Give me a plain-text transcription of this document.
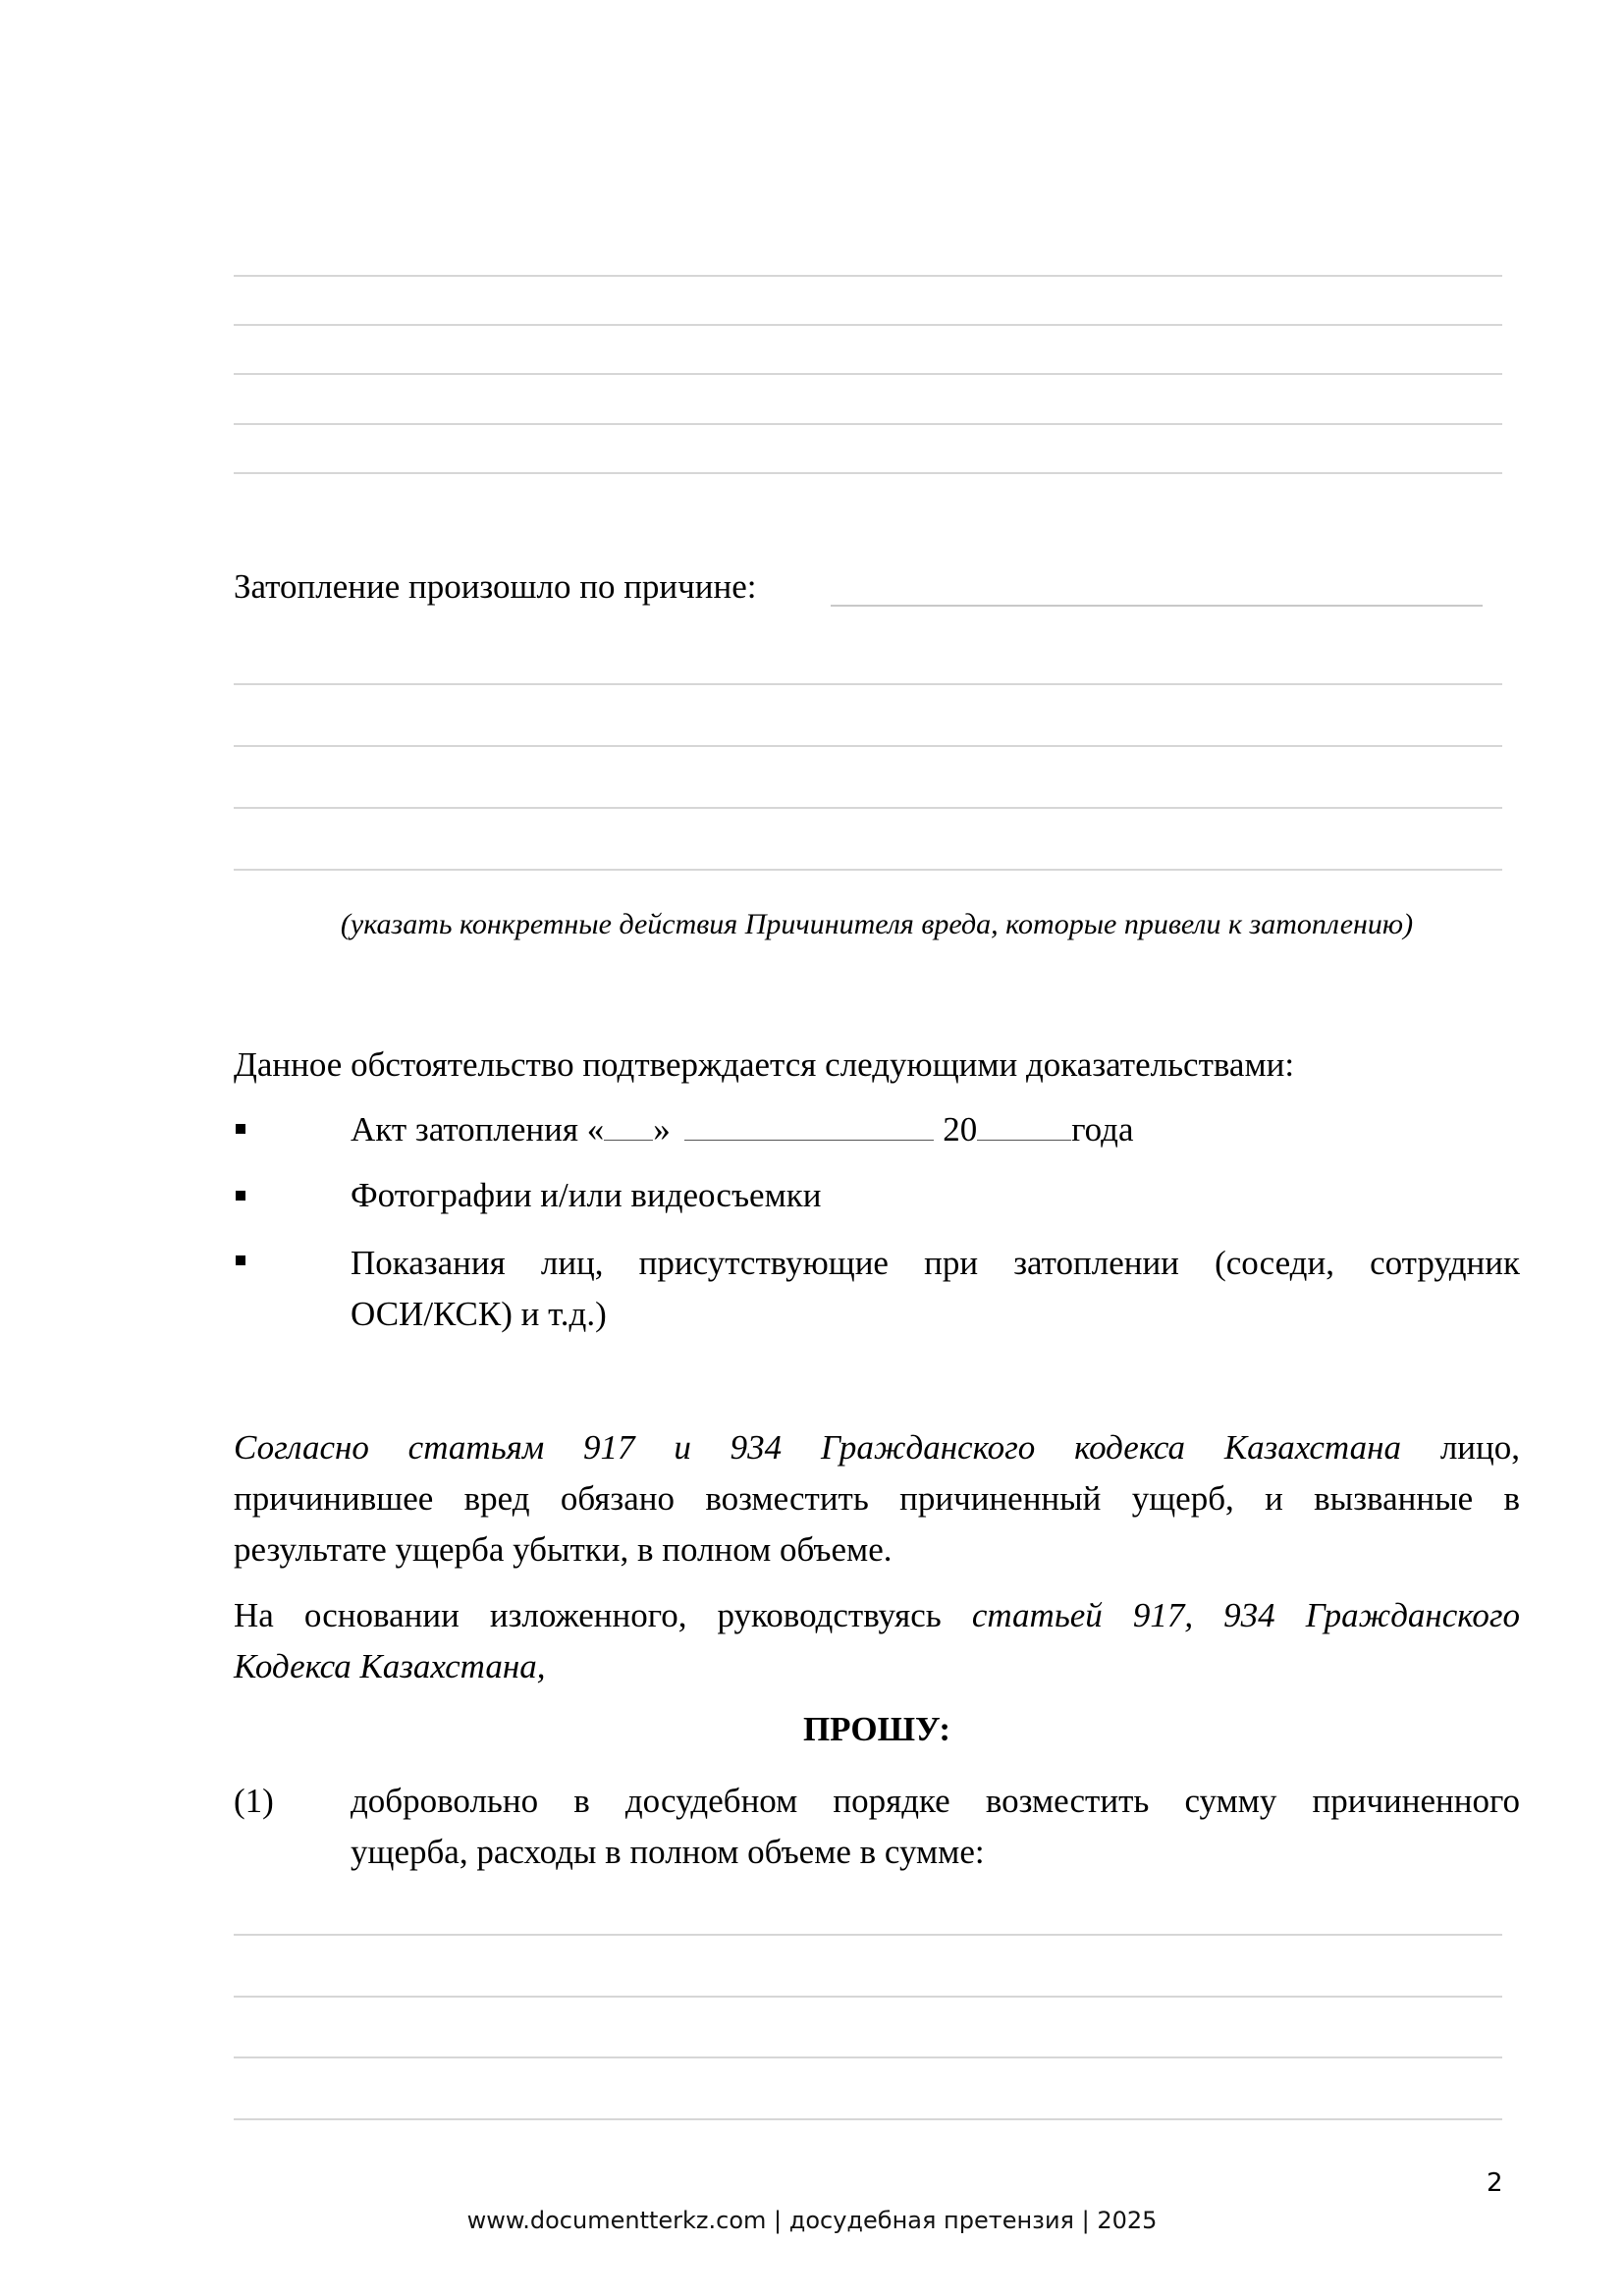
Затопление произошло по причине:
(указать конкретные действия Причинителя вреда, которые привели к затоплению)
Данное обстоятельство подтверждается следующими доказательствами:
Акт затопления « »	20	года
Фотографии и/или видеосъемки
Показания лиц, присутствующие при затоплении (соседи, сотрудник
ОСИ/КСК) и т.д.)
Согласно статьям 917 и 934 Гражданского кодекса Казахстана лицо,
причинившее вред обязано возместить причиненный ущерб, и вызванные в
результате ущерба убытки, в полном объеме.
На основании изложенного, руководствуясь статьей 917, 934 Гражданского
Кодекса Казахстана,
ПРОШУ:
(1) добровольно в досудебном порядке возместить сумму причиненного
ущерба, расходы в полном объеме в сумме:
2
www.documentterkz.com | досудебная претензия | 2025
